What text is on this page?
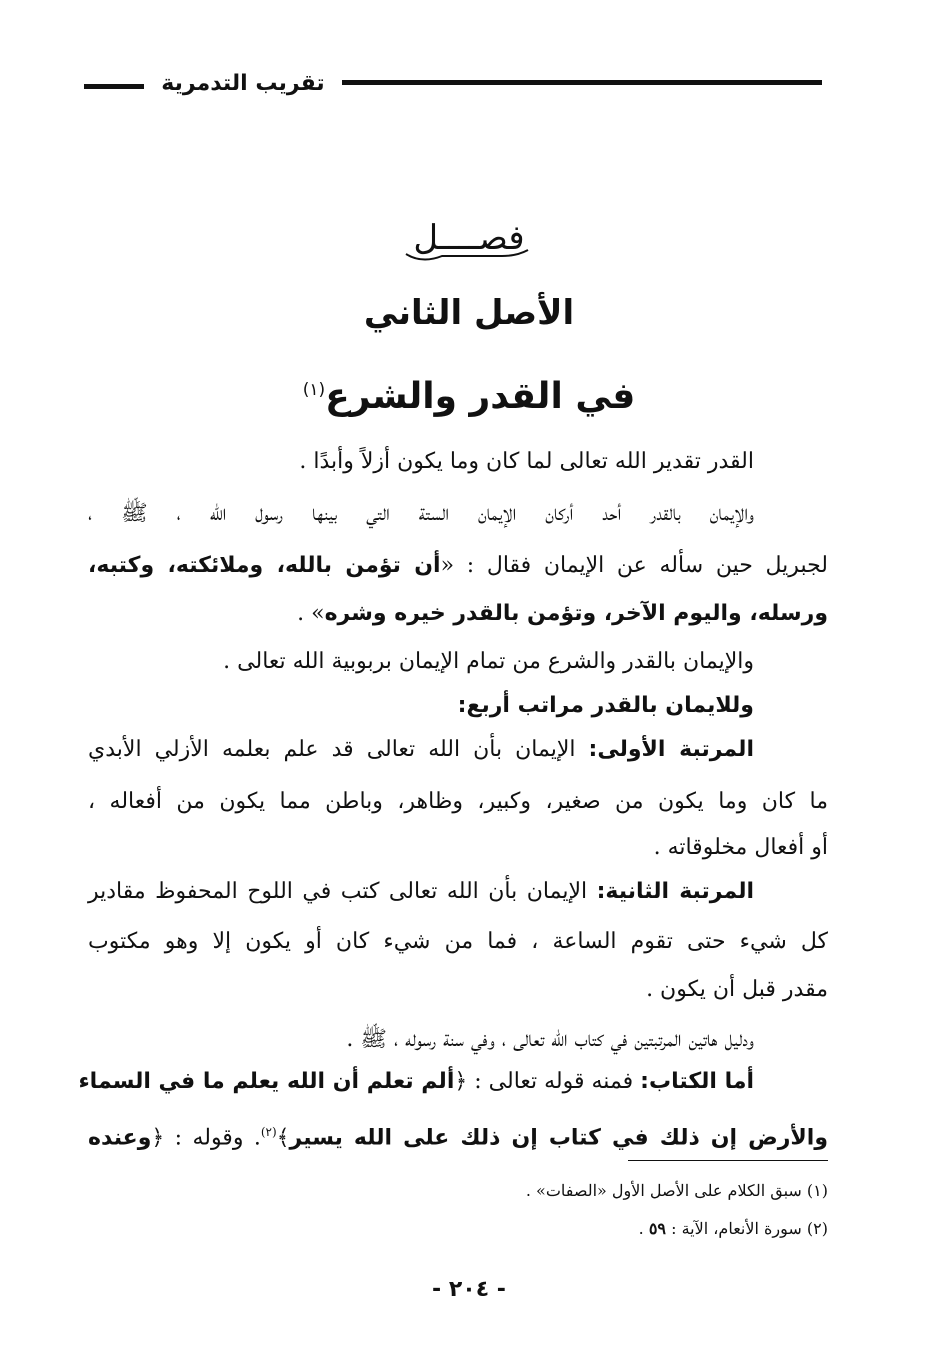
تقريب التدمرية
فصــــل
الأصل الثاني
في القدر والشرع$^{(١)}$
القدر تقدير الله تعالى لما كان وما يكون أزلاً وأبدًا .
والإيمان بالقدر أحد أركان الإيمان الستة التي بينها رسول الله ، ﷺ ،
لجبريل حين سأله عن الإيمان فقال : «أن تؤمن بالله، وملائكته، وكتبه،
ورسله، واليوم الآخر، وتؤمن بالقدر خيره وشره» .
والإيمان بالقدر والشرع من تمام الإيمان بربوبية الله تعالى .
وللايمان بالقدر مراتب أربع:
المرتبة الأولى: الإيمان بأن الله تعالى قد علم بعلمه الأزلي الأبدي
ما كان وما يكون من صغير، وكبير، وظاهر، وباطن مما يكون من أفعاله ،
أو أفعال مخلوقاته .
المرتبة الثانية: الإيمان بأن الله تعالى كتب في اللوح المحفوظ مقادير
كل شيء حتى تقوم الساعة ، فما من شيء كان أو يكون إلا وهو مكتوب
مقدر قبل أن يكون .
ودليل هاتين المرتبتين في كتاب الله تعالى ، وفي سنة رسوله ، ﷺ .
أما الكتاب: فمنه قوله تعالى : ﴿ألم تعلم أن الله يعلم ما في السماء
والأرض إن ذلك في كتاب إن ذلك على الله يسير﴾$^{(٢)}$. وقوله : ﴿وعنده
(١) سبق الكلام على الأصل الأول «الصفات» .
(٢) سورة الأنعام، الآية : ٥٩ .
- ٢٠٤ -
